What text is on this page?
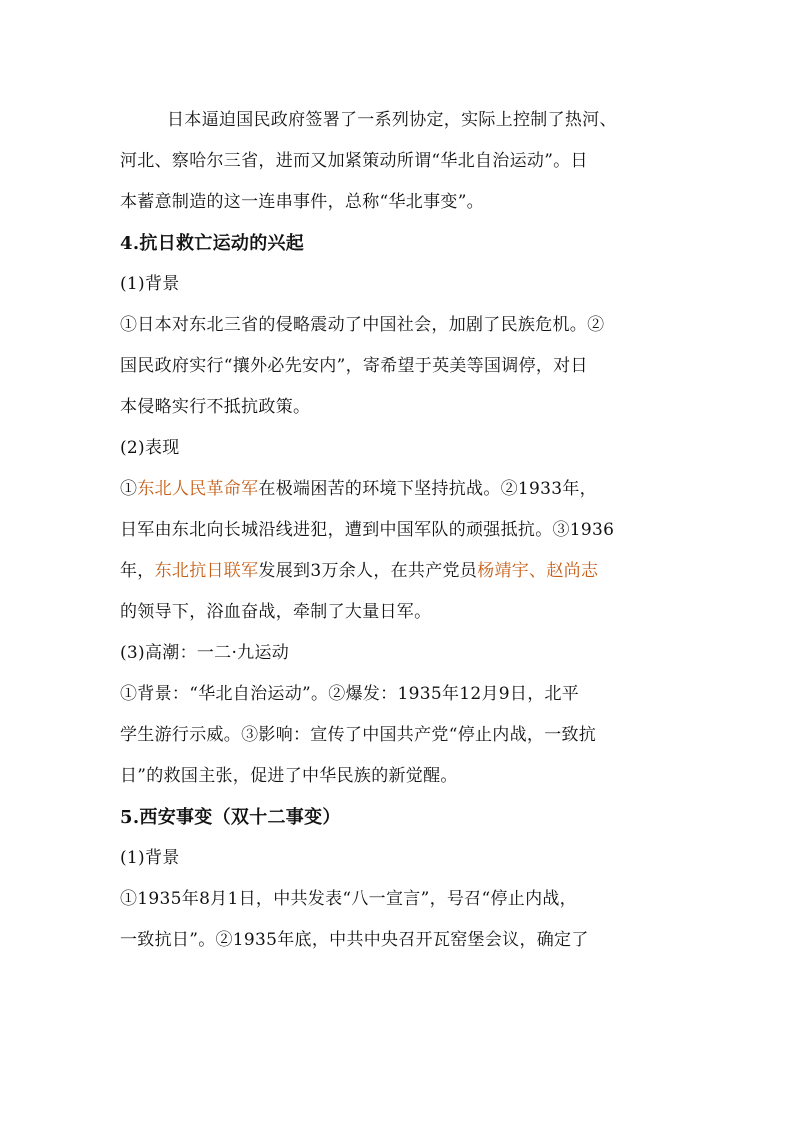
日本逼迫国民政府签署了一系列协定，实际上控制了热河、

河北、察哈尔三省，进而又加紧策动所谓“华北自治运动”。日

本蓄意制造的这一连串事件，总称“华北事变”。

4.抗日救亡运动的兴起

(1)背景

①日本对东北三省的侵略震动了中国社会，加剧了民族危机。②

国民政府实行“攘外必先安内”，寄希望于英美等国调停，对日

本侵略实行不抵抗政策。

(2)表现

①东北人民革命军在极端困苦的环境下坚持抗战。②1933年，

日军由东北向长城沿线进犯，遭到中国军队的顽强抵抗。③1936

年，东北抗日联军发展到3万余人，在共产党员杨靖宇、赵尚志

的领导下，浴血奋战，牵制了大量日军。

(3)高潮：一二·九运动

①背景：“华北自治运动”。②爆发：1935年12月9日，北平

学生游行示威。③影响：宣传了中国共产党“停止内战，一致抗

日”的救国主张，促进了中华民族的新觉醒。

5.西安事变（双十二事变）

(1)背景

①1935年8月1日，中共发表“八一宣言”，号召“停止内战，

一致抗日”。②1935年底，中共中央召开瓦窑堡会议，确定了
